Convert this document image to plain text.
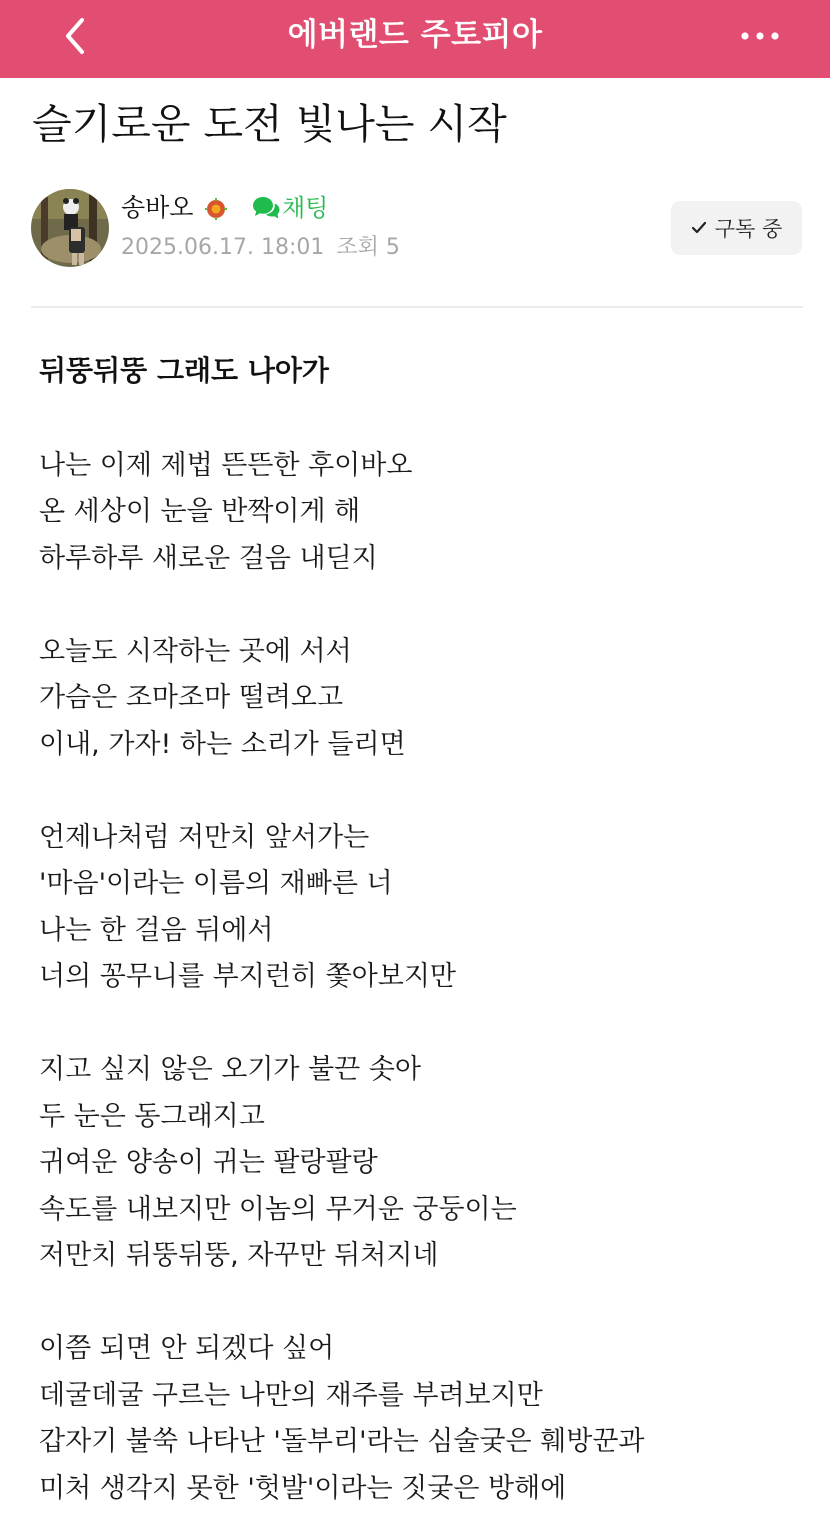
에버랜드 주토피아
슬기로운 도전 빛나는 시작
송바오	채팅
2025.06.17. 18:01 조회 5
구독 중
뒤뚱뒤뚱 그래도 나아가
나는 이제 제법 뜬뜬한 후이바오
온 세상이 눈을 반짝이게 해
하루하루 새로운 걸음 내딛지
오늘도 시작하는 곳에 서서
가슴은 조마조마 떨려오고
이내, 가자! 하는 소리가 들리면
언제나처럼 저만치 앞서가는
'마음'이라는 이름의 재빠른 너
나는 한 걸음 뒤에서
너의 꽁무니를 부지런히 쫓아보지만
지고 싶지 않은 오기가 불끈 솟아
두 눈은 동그래지고
귀여운 양송이 귀는 팔랑팔랑
속도를 내보지만 이놈의 무거운 궁둥이는
저만치 뒤뚱뒤뚱, 자꾸만 뒤처지네
이쯤 되면 안 되겠다 싶어
데굴데굴 구르는 나만의 재주를 부려보지만
갑자기 불쑥 나타난 '돌부리'라는 심술궂은 훼방꾼과
미처 생각지 못한 '헛발'이라는 짓궂은 방해에
